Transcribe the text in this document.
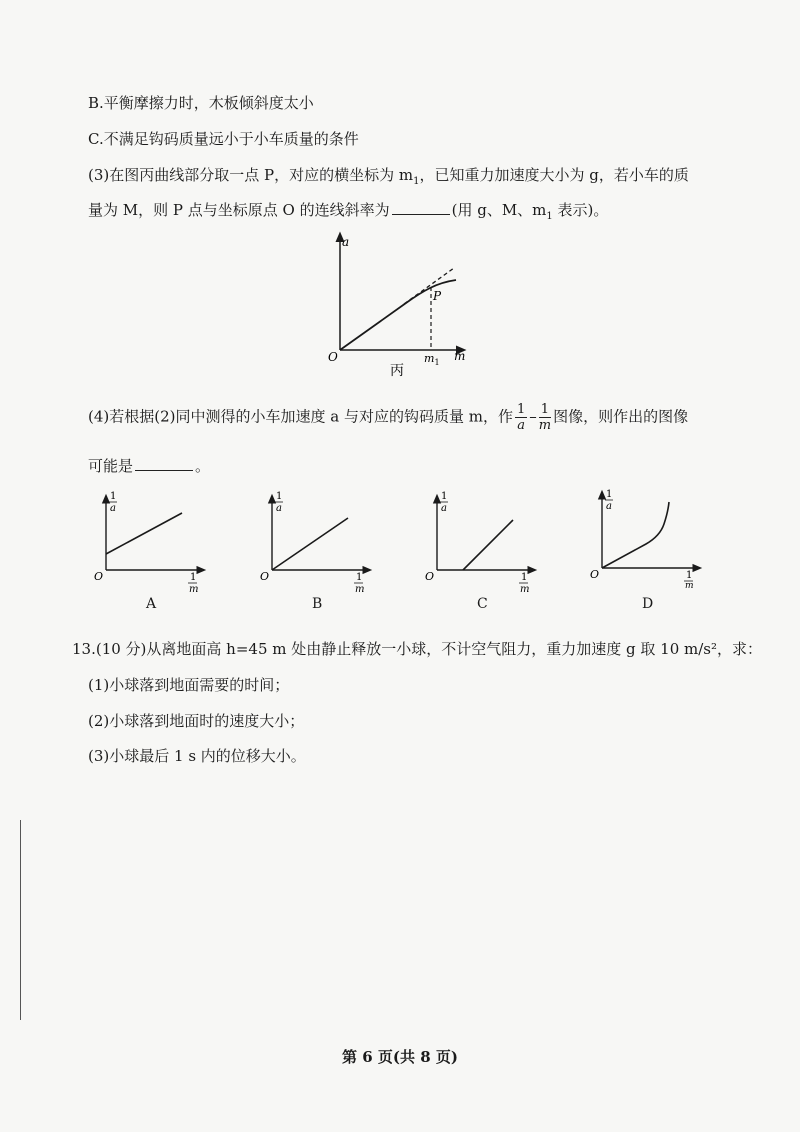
B.平衡摩擦力时，木板倾斜度太小
C.不满足钩码质量远小于小车质量的条件
(3)在图丙曲线部分取一点 P，对应的横坐标为 $m_1$，已知重力加速度大小为 g，若小车的质
量为 M，则 P 点与坐标原点 O 的连线斜率为	(用 g、M、$m_1$ 表示)。
a
m
O
P
$m_1$
丙
(4)若根据(2)同中测得的小车加速度 a 与对应的钩码质量 m，作 $\frac{1}{a} - \frac{1}{m}$ 图像，则作出的图像
可能是	。
1
a
O	1
m
A
1
a
O	1
m
B
1
a
O	1
m
C
1
a
O	1
m
D
13.(10 分)从离地面高 h=45 m 处由静止释放一小球，不计空气阻力，重力加速度 g 取 10 m/s²，求：
(1)小球落到地面需要的时间；
(2)小球落到地面时的速度大小；
(3)小球最后 1 s 内的位移大小。
第 6 页(共 8 页)
